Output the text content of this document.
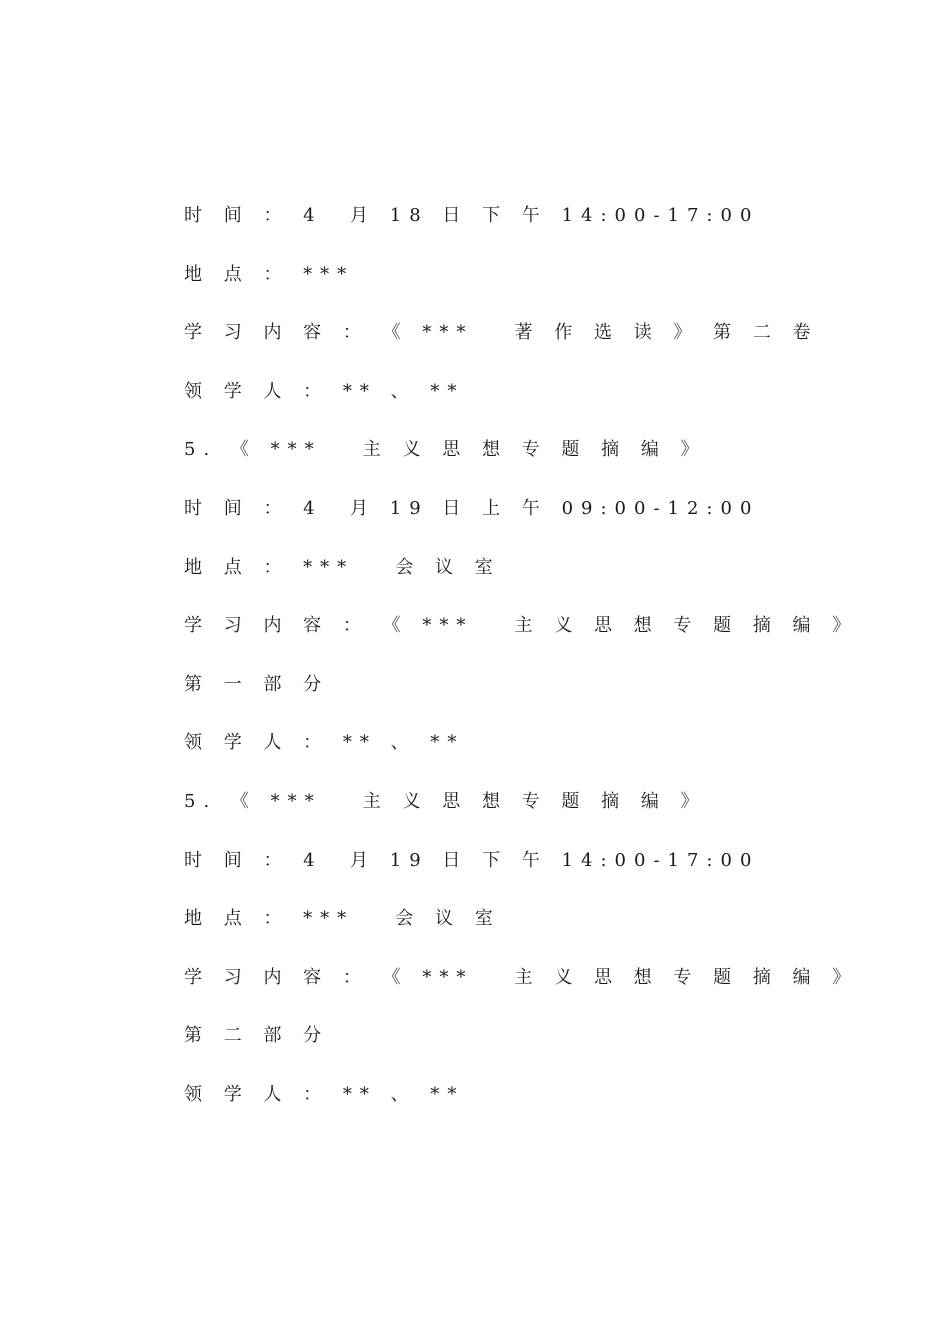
时 间 ： 4  月 18 日 下 午 14:00-17:00
地 点 ： ***
学 习 内 容 ： 《 ***   著 作 选 读 》 第 二 卷
领 学 人 ： ** 、 **
5. 《 ***   主 义 思 想 专 题 摘 编 》
时 间 ： 4  月 19 日 上 午 09:00-12:00
地 点 ： ***   会 议 室
学 习 内 容 ： 《 ***   主 义 思 想 专 题 摘 编 》
第 一 部 分
领 学 人 ： ** 、 **
5. 《 ***   主 义 思 想 专 题 摘 编 》
时 间 ： 4  月 19 日 下 午 14:00-17:00
地 点 ： ***   会 议 室
学 习 内 容 ： 《 ***   主 义 思 想 专 题 摘 编 》
第 二 部 分
领 学 人 ： ** 、 **
